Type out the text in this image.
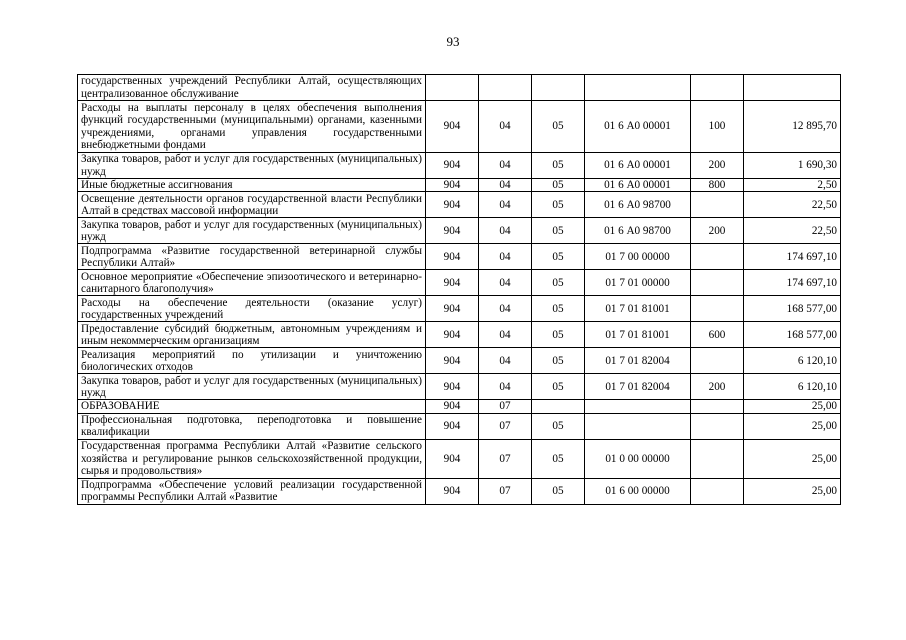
93
государственных учреждений Республики Алтай, осуществляющих централизованное обслуживание						
Расходы на выплаты персоналу в целях обеспечения выполнения функций государственными (муниципальными) органами, казенными учреждениями, органами управления государственными внебюджетными фондами	904	04	05	01 6 А0 00001	100	12 895,70
Закупка товаров, работ и услуг для государственных (муниципальных) нужд	904	04	05	01 6 А0 00001	200	1 690,30
Иные бюджетные ассигнования	904	04	05	01 6 А0 00001	800	2,50
Освещение деятельности органов государственной власти Республики Алтай в средствах массовой информации	904	04	05	01 6 А0 98700		22,50
Закупка товаров, работ и услуг для государственных (муниципальных) нужд	904	04	05	01 6 А0 98700	200	22,50
Подпрограмма «Развитие государственной ветеринарной службы Республики Алтай»	904	04	05	01 7 00 00000		174 697,10
Основное мероприятие «Обеспечение эпизоотического и ветеринарно-санитарного благополучия»	904	04	05	01 7 01 00000		174 697,10
Расходы на обеспечение деятельности (оказание услуг) государственных учреждений	904	04	05	01 7 01 81001		168 577,00
Предоставление субсидий бюджетным, автономным учреждениям и иным некоммерческим организациям	904	04	05	01 7 01 81001	600	168 577,00
Реализация мероприятий по утилизации и уничтожению биологических отходов	904	04	05	01 7 01 82004		6 120,10
Закупка товаров, работ и услуг для государственных (муниципальных) нужд	904	04	05	01 7 01 82004	200	6 120,10
ОБРАЗОВАНИЕ	904	07				25,00
Профессиональная подготовка, переподготовка и повышение квалификации	904	07	05			25,00
Государственная программа Республики Алтай «Развитие сельского хозяйства и регулирование рынков сельскохозяйственной продукции, сырья и продовольствия»	904	07	05	01 0 00 00000		25,00
Подпрограмма «Обеспечение условий реализации государственной программы Республики Алтай «Развитие	904	07	05	01 6 00 00000		25,00
